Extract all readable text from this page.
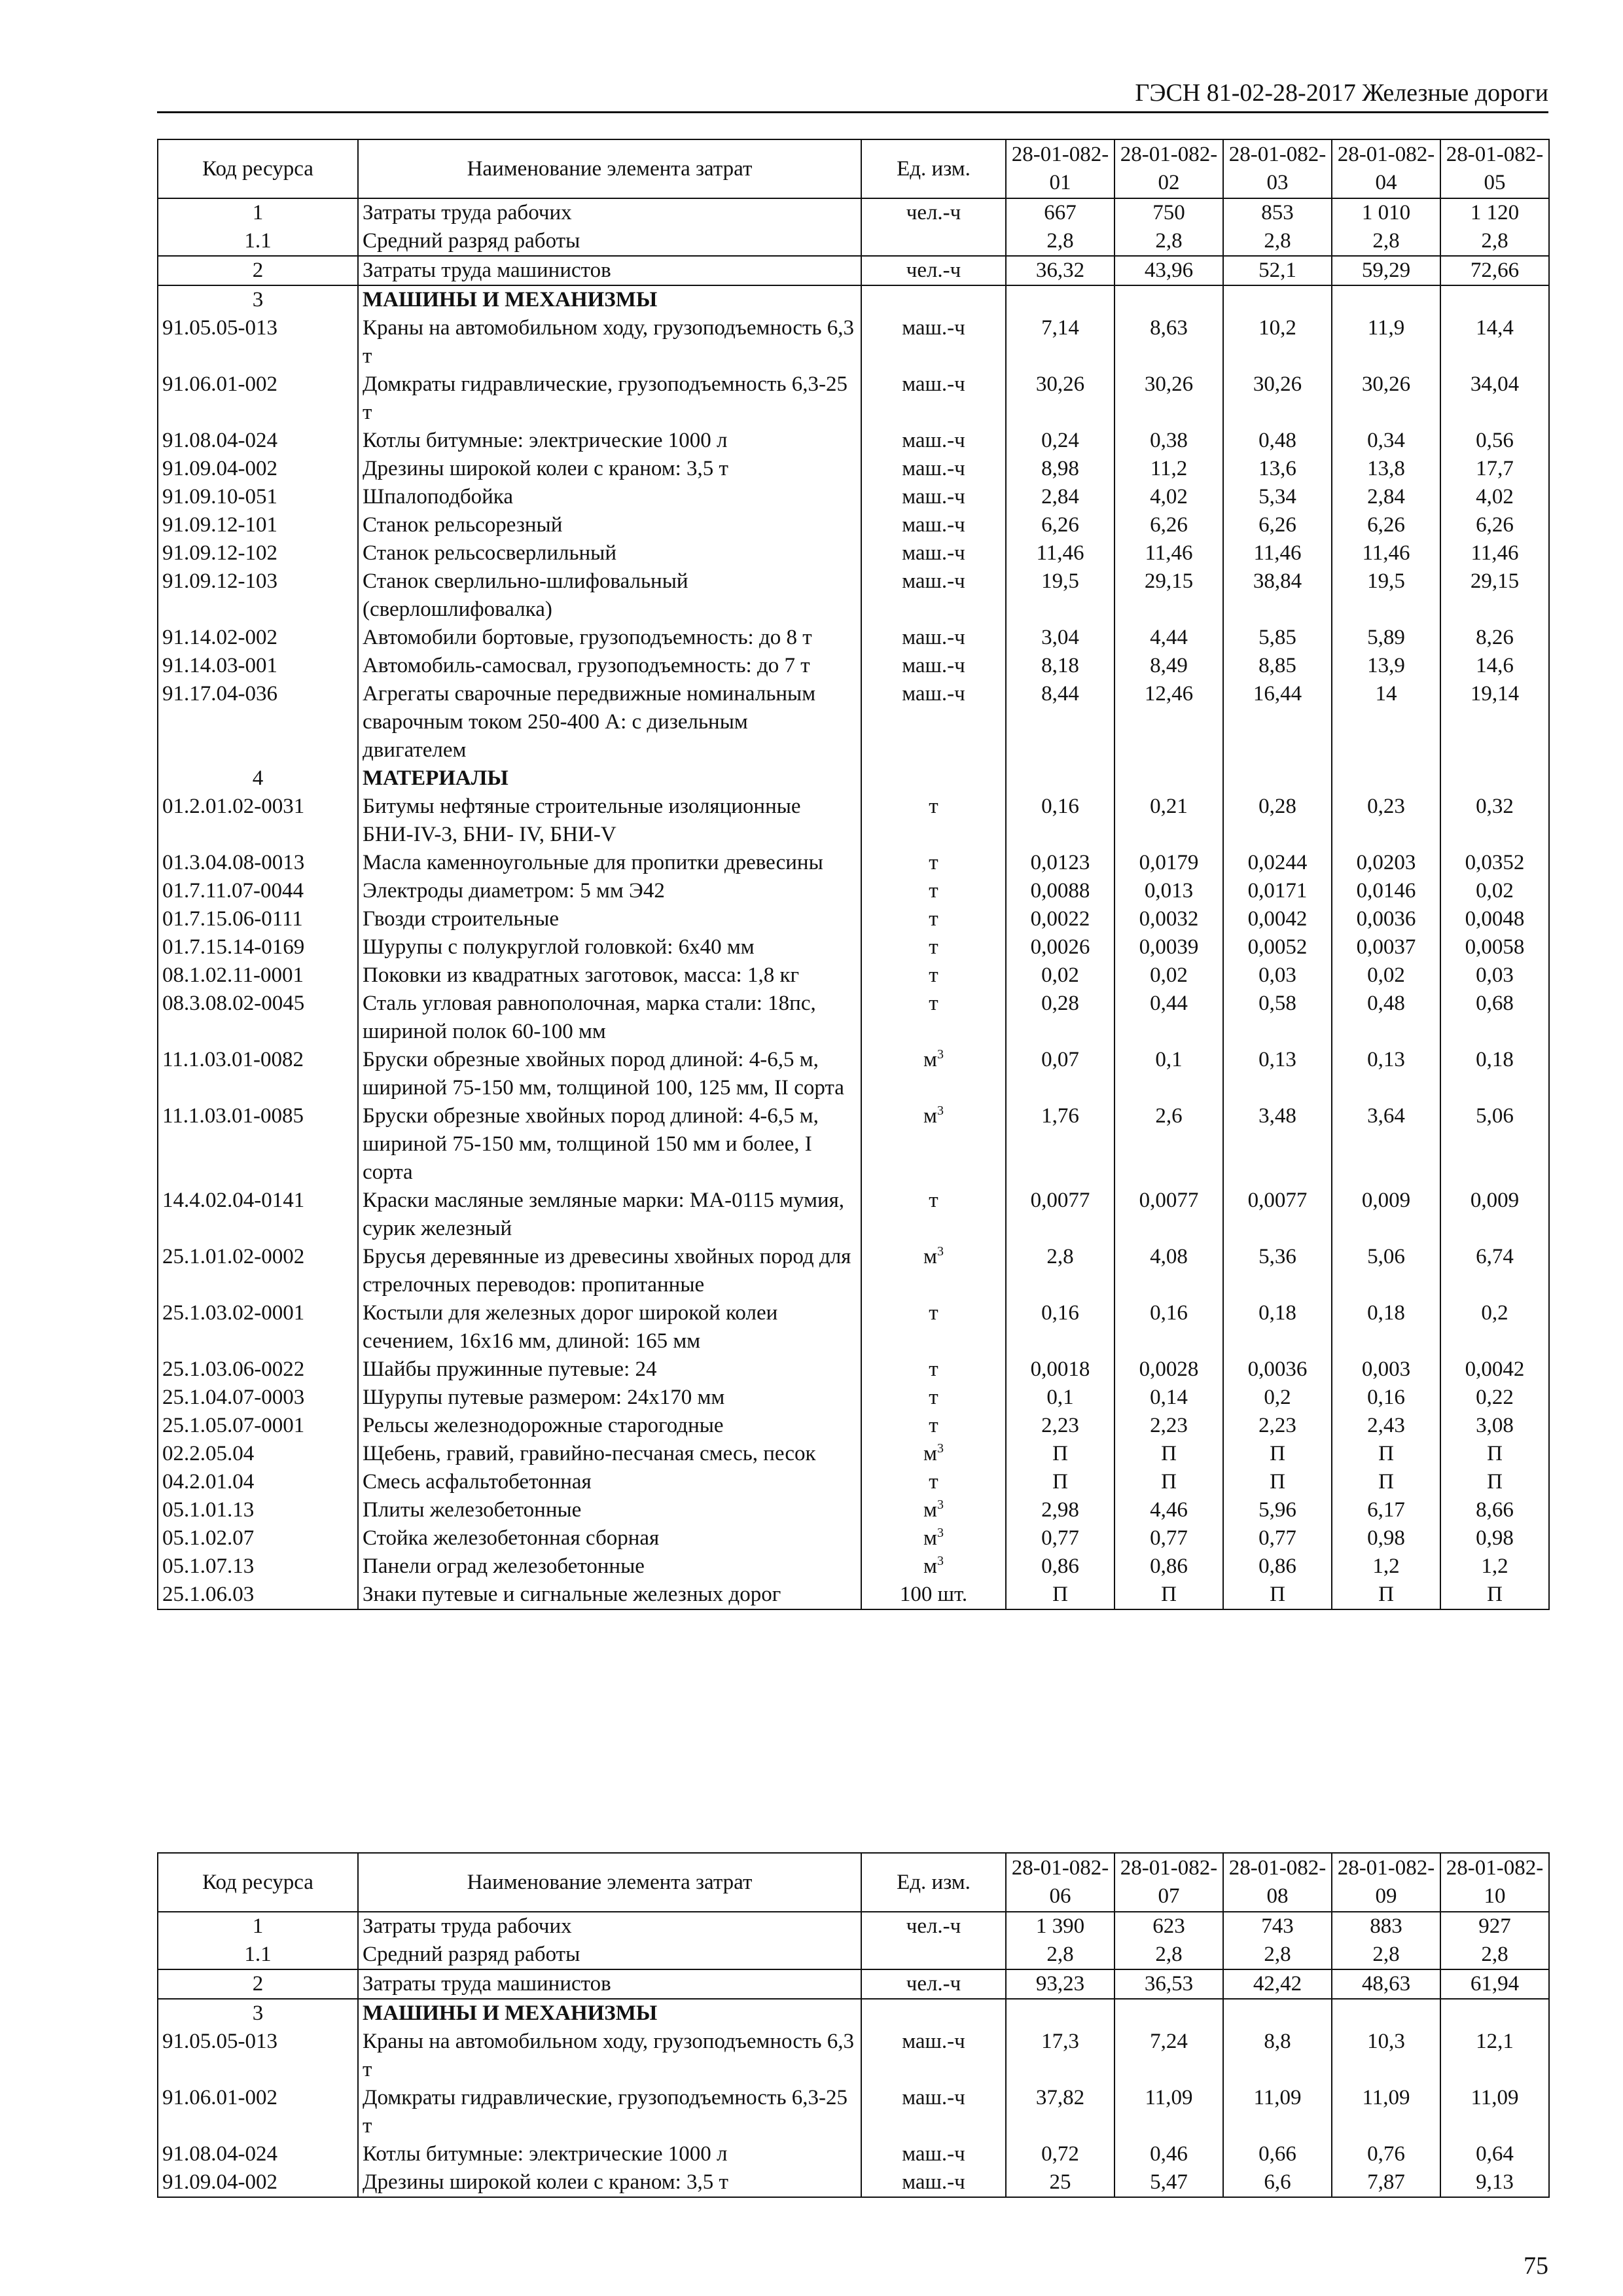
ГЭСН 81-02-28-2017 Железные дороги
Код ресурса	Наименование элемента затрат	Ед. изм.	28-01-082-01	28-01-082-02	28-01-082-03	28-01-082-04	28-01-082-05
1	Затраты труда рабочих	чел.-ч	667	750	853	1 010	1 120
1.1	Средний разряд работы		2,8	2,8	2,8	2,8	2,8
2	Затраты труда машинистов	чел.-ч	36,32	43,96	52,1	59,29	72,66
3	МАШИНЫ И МЕХАНИЗМЫ						
91.05.05-013	Краны на автомобильном ходу, грузоподъемность 6,3 т	маш.-ч	7,14	8,63	10,2	11,9	14,4
91.06.01-002	Домкраты гидравлические, грузоподъемность 6,3-25 т	маш.-ч	30,26	30,26	30,26	30,26	34,04
91.08.04-024	Котлы битумные: электрические 1000 л	маш.-ч	0,24	0,38	0,48	0,34	0,56
91.09.04-002	Дрезины широкой колеи с краном: 3,5 т	маш.-ч	8,98	11,2	13,6	13,8	17,7
91.09.10-051	Шпалоподбойка	маш.-ч	2,84	4,02	5,34	2,84	4,02
91.09.12-101	Станок рельсорезный	маш.-ч	6,26	6,26	6,26	6,26	6,26
91.09.12-102	Станок рельсосверлильный	маш.-ч	11,46	11,46	11,46	11,46	11,46
91.09.12-103	Станок сверлильно-шлифовальный (сверлошлифовалка)	маш.-ч	19,5	29,15	38,84	19,5	29,15
91.14.02-002	Автомобили бортовые, грузоподъемность: до 8 т	маш.-ч	3,04	4,44	5,85	5,89	8,26
91.14.03-001	Автомобиль-самосвал, грузоподъемность: до 7 т	маш.-ч	8,18	8,49	8,85	13,9	14,6
91.17.04-036	Агрегаты сварочные передвижные номинальным сварочным током 250-400 А: с дизельным двигателем	маш.-ч	8,44	12,46	16,44	14	19,14
4	МАТЕРИАЛЫ						
01.2.01.02-0031	Битумы нефтяные строительные изоляционные БНИ-IV-3, БНИ- IV, БНИ-V	т	0,16	0,21	0,28	0,23	0,32
01.3.04.08-0013	Масла каменноугольные для пропитки древесины	т	0,0123	0,0179	0,0244	0,0203	0,0352
01.7.11.07-0044	Электроды диаметром: 5 мм Э42	т	0,0088	0,013	0,0171	0,0146	0,02
01.7.15.06-0111	Гвозди строительные	т	0,0022	0,0032	0,0042	0,0036	0,0048
01.7.15.14-0169	Шурупы с полукруглой головкой: 6x40 мм	т	0,0026	0,0039	0,0052	0,0037	0,0058
08.1.02.11-0001	Поковки из квадратных заготовок, масса: 1,8 кг	т	0,02	0,02	0,03	0,02	0,03
08.3.08.02-0045	Сталь угловая равнополочная, марка стали: 18пс, шириной полок 60-100 мм	т	0,28	0,44	0,58	0,48	0,68
11.1.03.01-0082	Бруски обрезные хвойных пород длиной: 4-6,5 м, шириной 75-150 мм, толщиной 100, 125 мм, II сорта	$м^3$	0,07	0,1	0,13	0,13	0,18
11.1.03.01-0085	Бруски обрезные хвойных пород длиной: 4-6,5 м, шириной 75-150 мм, толщиной 150 мм и более, I сорта	$м^3$	1,76	2,6	3,48	3,64	5,06
14.4.02.04-0141	Краски масляные земляные марки: МА-0115 мумия, сурик железный	т	0,0077	0,0077	0,0077	0,009	0,009
25.1.01.02-0002	Брусья деревянные из древесины хвойных пород для стрелочных переводов: пропитанные	$м^3$	2,8	4,08	5,36	5,06	6,74
25.1.03.02-0001	Костыли для железных дорог широкой колеи сечением, 16x16 мм, длиной: 165 мм	т	0,16	0,16	0,18	0,18	0,2
25.1.03.06-0022	Шайбы пружинные путевые: 24	т	0,0018	0,0028	0,0036	0,003	0,0042
25.1.04.07-0003	Шурупы путевые размером: 24x170 мм	т	0,1	0,14	0,2	0,16	0,22
25.1.05.07-0001	Рельсы железнодорожные старогодные	т	2,23	2,23	2,23	2,43	3,08
02.2.05.04	Щебень, гравий, гравийно-песчаная смесь, песок	$м^3$	П	П	П	П	П
04.2.01.04	Смесь асфальтобетонная	т	П	П	П	П	П
05.1.01.13	Плиты железобетонные	$м^3$	2,98	4,46	5,96	6,17	8,66
05.1.02.07	Стойка железобетонная сборная	$м^3$	0,77	0,77	0,77	0,98	0,98
05.1.07.13	Панели оград железобетонные	$м^3$	0,86	0,86	0,86	1,2	1,2
25.1.06.03	Знаки путевые и сигнальные железных дорог	100 шт.	П	П	П	П	П
Код ресурса	Наименование элемента затрат	Ед. изм.	28-01-082-06	28-01-082-07	28-01-082-08	28-01-082-09	28-01-082-10
1	Затраты труда рабочих	чел.-ч	1 390	623	743	883	927
1.1	Средний разряд работы		2,8	2,8	2,8	2,8	2,8
2	Затраты труда машинистов	чел.-ч	93,23	36,53	42,42	48,63	61,94
3	МАШИНЫ И МЕХАНИЗМЫ						
91.05.05-013	Краны на автомобильном ходу, грузоподъемность 6,3 т	маш.-ч	17,3	7,24	8,8	10,3	12,1
91.06.01-002	Домкраты гидравлические, грузоподъемность 6,3-25 т	маш.-ч	37,82	11,09	11,09	11,09	11,09
91.08.04-024	Котлы битумные: электрические 1000 л	маш.-ч	0,72	0,46	0,66	0,76	0,64
91.09.04-002	Дрезины широкой колеи с краном: 3,5 т	маш.-ч	25	5,47	6,6	7,87	9,13
75
